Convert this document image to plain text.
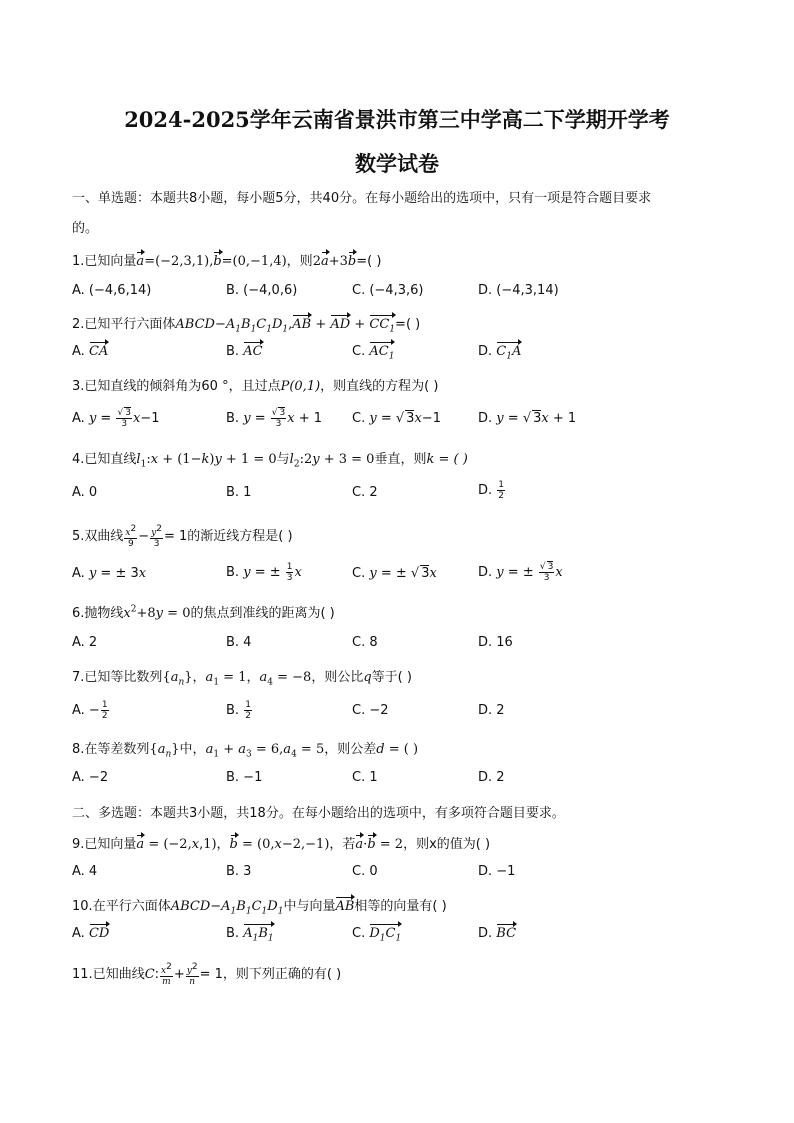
2024-2025学年云南省景洪市第三中学高二下学期开学考
数学试卷
一、单选题：本题共8小题，每小题5分，共40分。在每小题给出的选项中，只有一项是符合题目要求
的。
1.已知向量a=(−2,3,1),b=(0,−1,4)，则2a+3b=( )
A. (−4,6,14)	B. (−4,0,6)	C. (−4,3,6)	D. (−4,3,14)
2.已知平行六面体$ABCD-A_1B_1C_1D_1,AB$ + AD + $CC_1=$( )
A. CA	B. AC	C. $AC_1$	D. $C_1A$
3.已知直线的倾斜角为60 °，且过点P(0,1)，则直线的方程为( )
A. $y = \frac{√ 3}{3} x-1$	B. $y = \frac{√ 3}{3}$ x + 1 C. y = √ 3x−1	D. y = √ 3x + 1
4.已知直线$l_1:x + (1-k)y + 1 = 0$与$l_2:2y + 3 = 0$垂直，则k = ( )
A. 0	B. 1	C. 2	D. $\frac{1}{2}$
5.双曲线 $\frac{x^2}{9} - \frac{y^2}{3} = 1$的渐近线方程是( )
A. y = ± 3x	B. y = ± $\frac{1}{3}$ x	C. y = ± √ 3x	D. y = ± $\frac{√ 3}{3}$ x
6.抛物线$x^2+8y = 0$的焦点到准线的距离为( )
A. 2	B. 4	C. 8	D. 16
7.已知等比数列$\{a_n\}$，$a_1 = 1$，$a_4 = -8$，则公比q等于( )
A. − $\frac{1}{2}$	B. $\frac{1}{2}$	C. −2	D. 2
8.在等差数列$\{a_n\}$中，$a_1 + a_3 = 6,a_4 = 5$，则公差d = ( )
A. −2	B. −1	C. 1	D. 2
二、多选题：本题共3小题，共18分。在每小题给出的选项中，有多项符合题目要求。
9.已知向量a = (−2,x,1)，b = (0,x−2,−1)，若a·b = 2，则x的值为( )
A. 4	B. 3	C. 0	D. −1
10.在平行六面体$ABCD-A_1B_1C_1D_1$中与向量AB相等的向量有( )
A. CD	B. $A_1B_1$	C. $D_1C_1$	D. BC
11.已知曲线C: $\frac{x^2}{m} + \frac{y^2}{n} = 1$，则下列正确的有( )
